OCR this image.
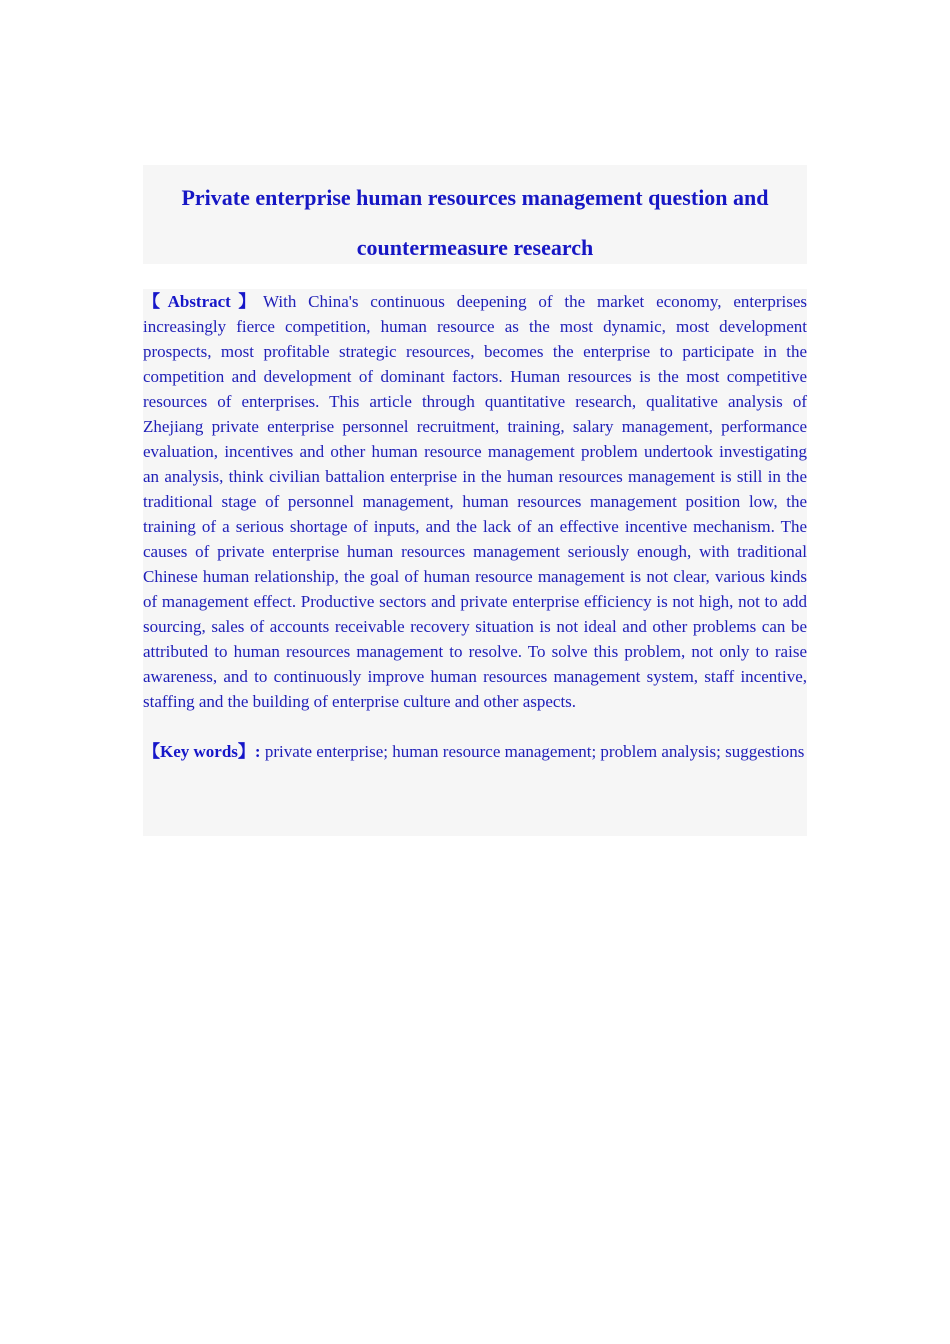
Private enterprise human resources management question and countermeasure research

【Abstract】With China's continuous deepening of the market economy, enterprises increasingly fierce competition, human resource as the most dynamic, most development prospects, most profitable strategic resources, becomes the enterprise to participate in the competition and development of dominant factors. Human resources is the most competitive resources of enterprises. This article through quantitative research, qualitative analysis of Zhejiang private enterprise personnel recruitment, training, salary management, performance evaluation, incentives and other human resource management problem undertook investigating an analysis, think civilian battalion enterprise in the human resources management is still in the traditional stage of personnel management, human resources management position low, the training of a serious shortage of inputs, and the lack of an effective incentive mechanism. The causes of private enterprise human resources management seriously enough, with traditional Chinese human relationship, the goal of human resource management is not clear, various kinds of management effect. Productive sectors and private enterprise efficiency is not high, not to add sourcing, sales of accounts receivable recovery situation is not ideal and other problems can be attributed to human resources management to resolve. To solve this problem, not only to raise awareness, and to continuously improve human resources management system, staff incentive, staffing and the building of enterprise culture and other aspects.

【Key words】: private enterprise; human resource management; problem analysis; suggestions
